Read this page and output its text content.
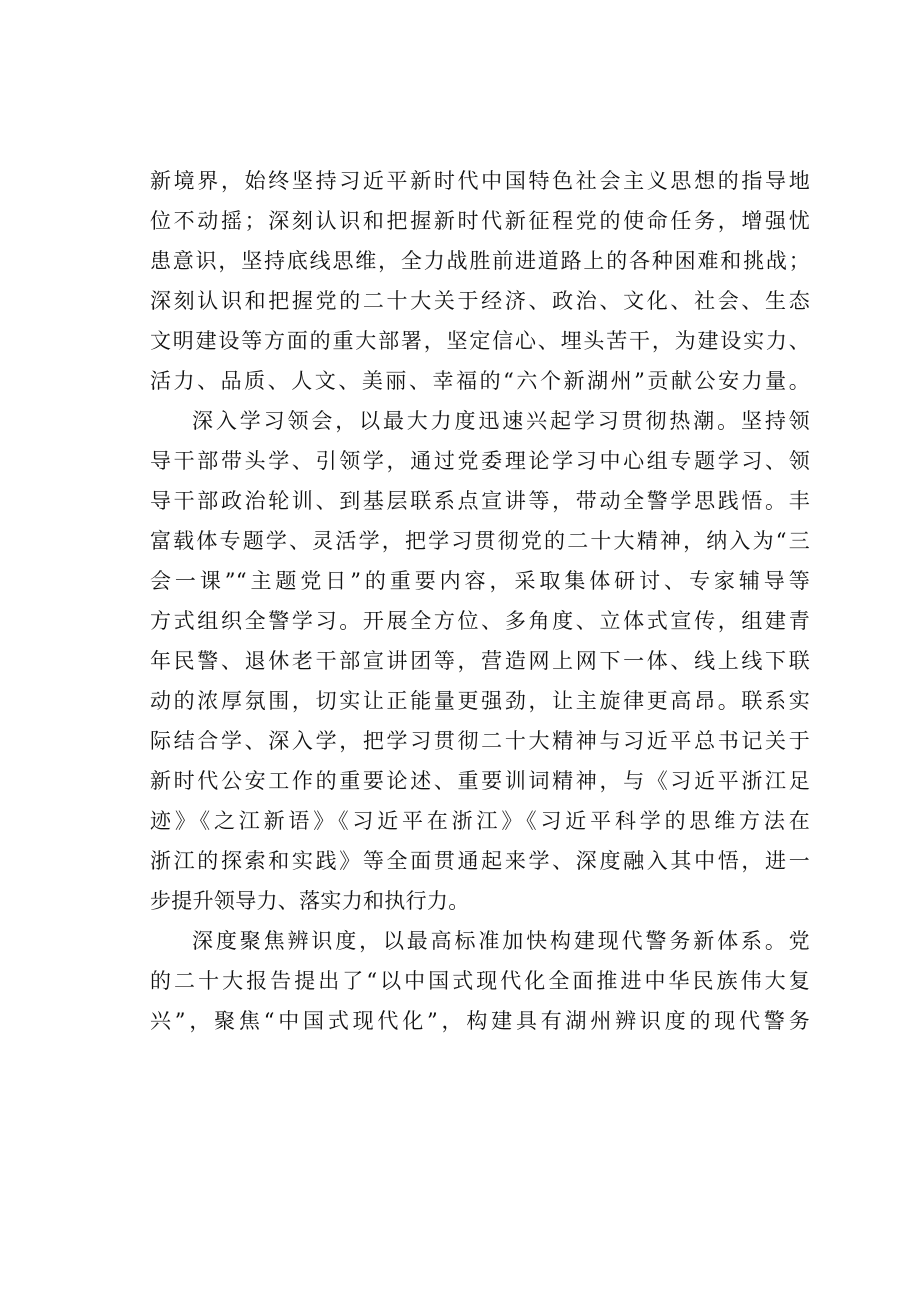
新境界，始终坚持习近平新时代中国特色社会主义思想的指导地
位不动摇；深刻认识和把握新时代新征程党的使命任务，增强忧
患意识，坚持底线思维，全力战胜前进道路上的各种困难和挑战；
深刻认识和把握党的二十大关于经济、政治、文化、社会、生态
文明建设等方面的重大部署，坚定信心、埋头苦干，为建设实力、
活力、品质、人文、美丽、幸福的“六个新湖州”贡献公安力量。
深入学习领会，以最大力度迅速兴起学习贯彻热潮。坚持领
导干部带头学、引领学，通过党委理论学习中心组专题学习、领
导干部政治轮训、到基层联系点宣讲等，带动全警学思践悟。丰
富载体专题学、灵活学，把学习贯彻党的二十大精神，纳入为“三
会一课”“主题党日”的重要内容，采取集体研讨、专家辅导等
方式组织全警学习。开展全方位、多角度、立体式宣传，组建青
年民警、退休老干部宣讲团等，营造网上网下一体、线上线下联
动的浓厚氛围，切实让正能量更强劲，让主旋律更高昂。联系实
际结合学、深入学，把学习贯彻二十大精神与习近平总书记关于
新时代公安工作的重要论述、重要训词精神，与《习近平浙江足
迹》《之江新语》《习近平在浙江》《习近平科学的思维方法在
浙江的探索和实践》等全面贯通起来学、深度融入其中悟，进一
步提升领导力、落实力和执行力。
深度聚焦辨识度，以最高标准加快构建现代警务新体系。党
的二十大报告提出了“以中国式现代化全面推进中华民族伟大复
兴”，聚焦“中国式现代化”，构建具有湖州辨识度的现代警务
